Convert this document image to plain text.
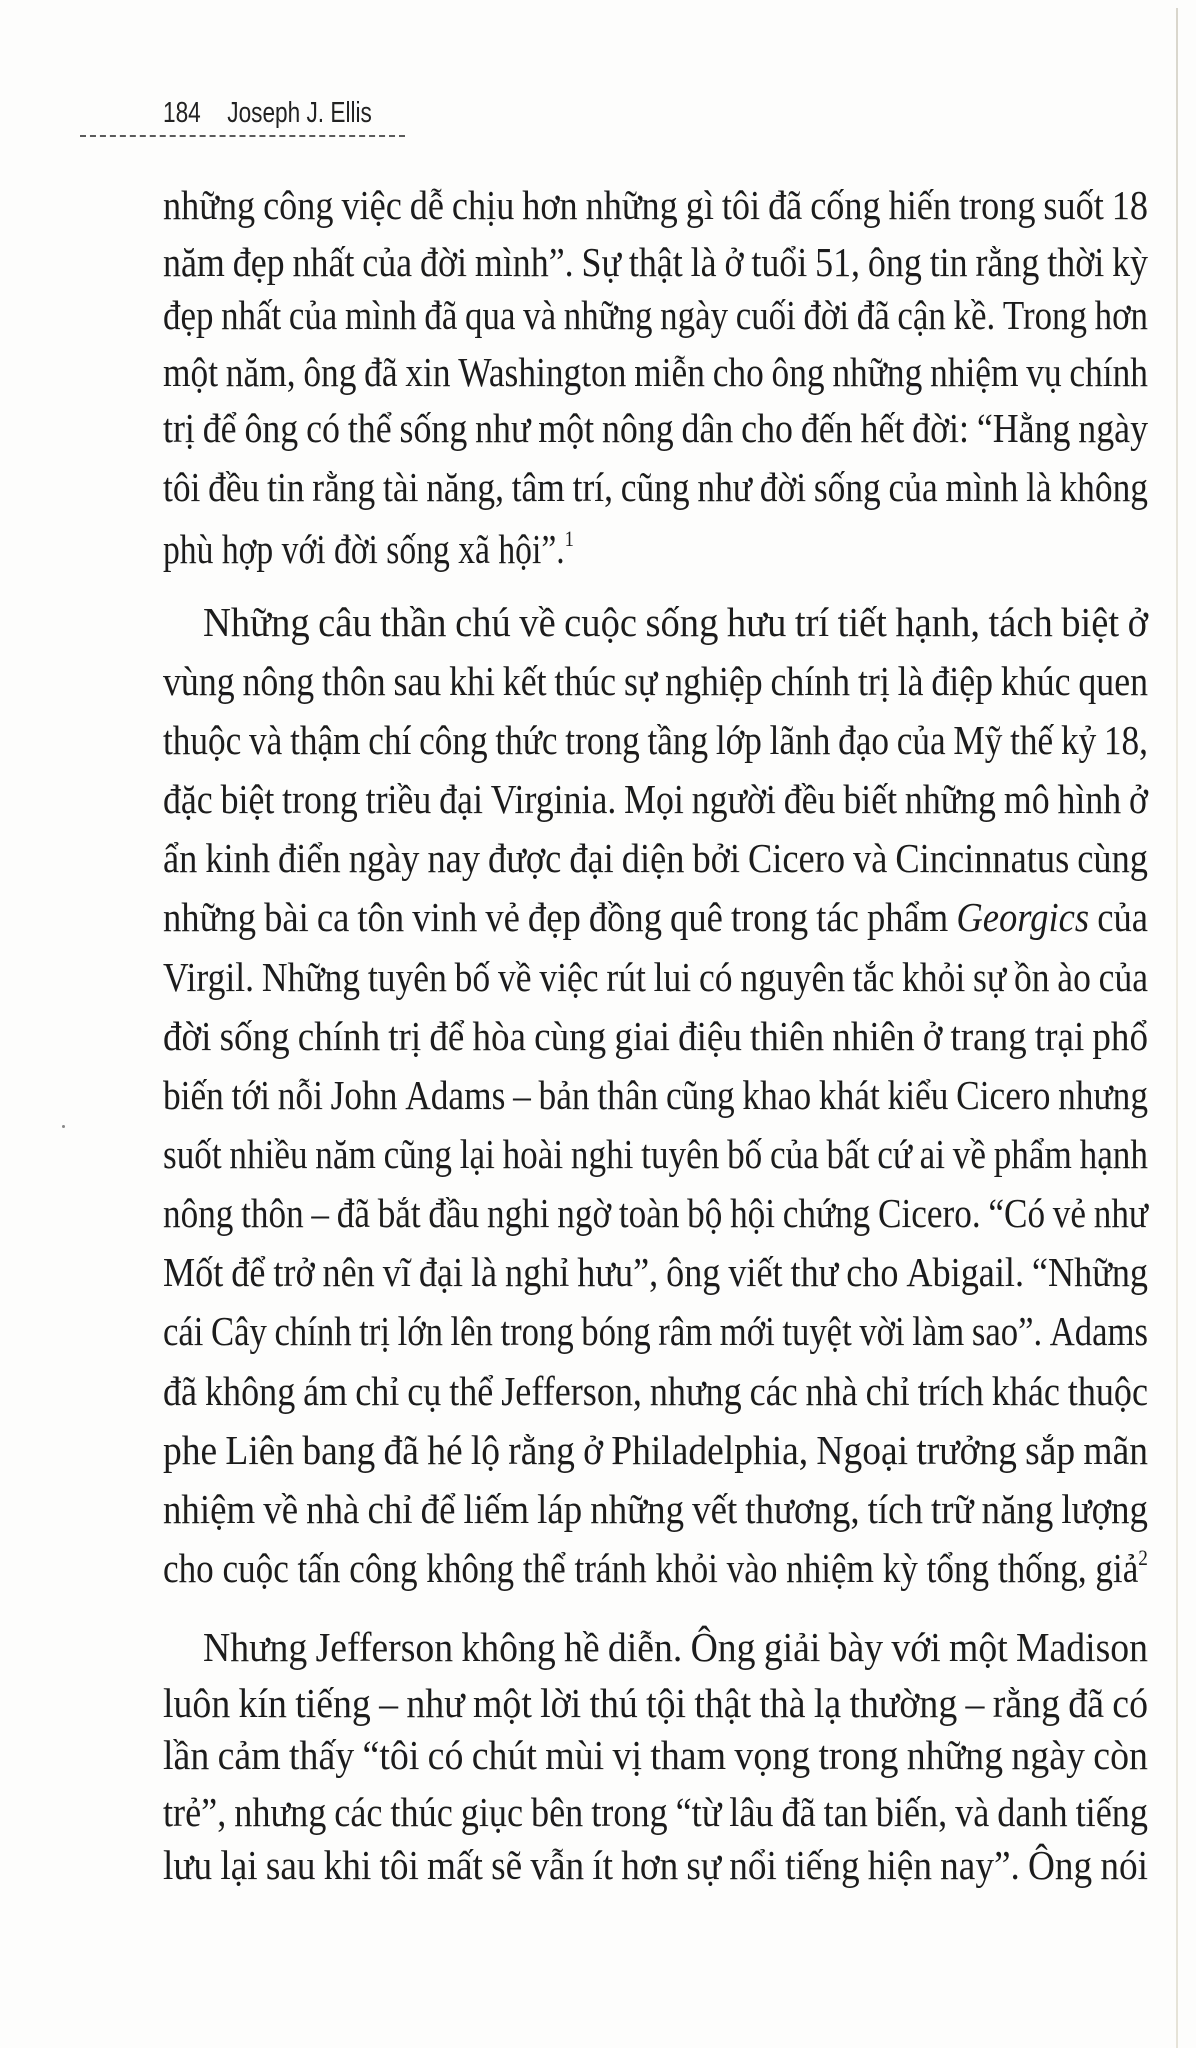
184 Joseph J. Ellis
những công việc dễ chịu hơn những gì tôi đã cống hiến trong suốt 18
năm đẹp nhất của đời mình”. Sự thật là ở tuổi 51, ông tin rằng thời kỳ
đẹp nhất của mình đã qua và những ngày cuối đời đã cận kề. Trong hơn
một năm, ông đã xin Washington miễn cho ông những nhiệm vụ chính
trị để ông có thể sống như một nông dân cho đến hết đời: “Hằng ngày
tôi đều tin rằng tài năng, tâm trí, cũng như đời sống của mình là không
phù hợp với đời sống xã hội”.$^1$
Những câu thần chú về cuộc sống hưu trí tiết hạnh, tách biệt ở
vùng nông thôn sau khi kết thúc sự nghiệp chính trị là điệp khúc quen
thuộc và thậm chí công thức trong tầng lớp lãnh đạo của Mỹ thế kỷ 18,
đặc biệt trong triều đại Virginia. Mọi người đều biết những mô hình ở
ẩn kinh điển ngày nay được đại diện bởi Cicero và Cincinnatus cùng
những bài ca tôn vinh vẻ đẹp đồng quê trong tác phẩm Georgics của
Virgil. Những tuyên bố về việc rút lui có nguyên tắc khỏi sự ồn ào của
đời sống chính trị để hòa cùng giai điệu thiên nhiên ở trang trại phổ
biến tới nỗi John Adams – bản thân cũng khao khát kiểu Cicero nhưng
suốt nhiều năm cũng lại hoài nghi tuyên bố của bất cứ ai về phẩm hạnh
nông thôn – đã bắt đầu nghi ngờ toàn bộ hội chứng Cicero. “Có vẻ như
Mốt để trở nên vĩ đại là nghỉ hưu”, ông viết thư cho Abigail. “Những
cái Cây chính trị lớn lên trong bóng râm mới tuyệt vời làm sao”. Adams
đã không ám chỉ cụ thể Jefferson, nhưng các nhà chỉ trích khác thuộc
phe Liên bang đã hé lộ rằng ở Philadelphia, Ngoại trưởng sắp mãn
nhiệm về nhà chỉ để liếm láp những vết thương, tích trữ năng lượng
cho cuộc tấn công không thể tránh khỏi vào nhiệm kỳ tổng thống, giả$^2$
Nhưng Jefferson không hề diễn. Ông giải bày với một Madison
luôn kín tiếng – như một lời thú tội thật thà lạ thường – rằng đã có
lần cảm thấy “tôi có chút mùi vị tham vọng trong những ngày còn
trẻ”, nhưng các thúc giục bên trong “từ lâu đã tan biến, và danh tiếng
lưu lại sau khi tôi mất sẽ vẫn ít hơn sự nổi tiếng hiện nay”. Ông nói
